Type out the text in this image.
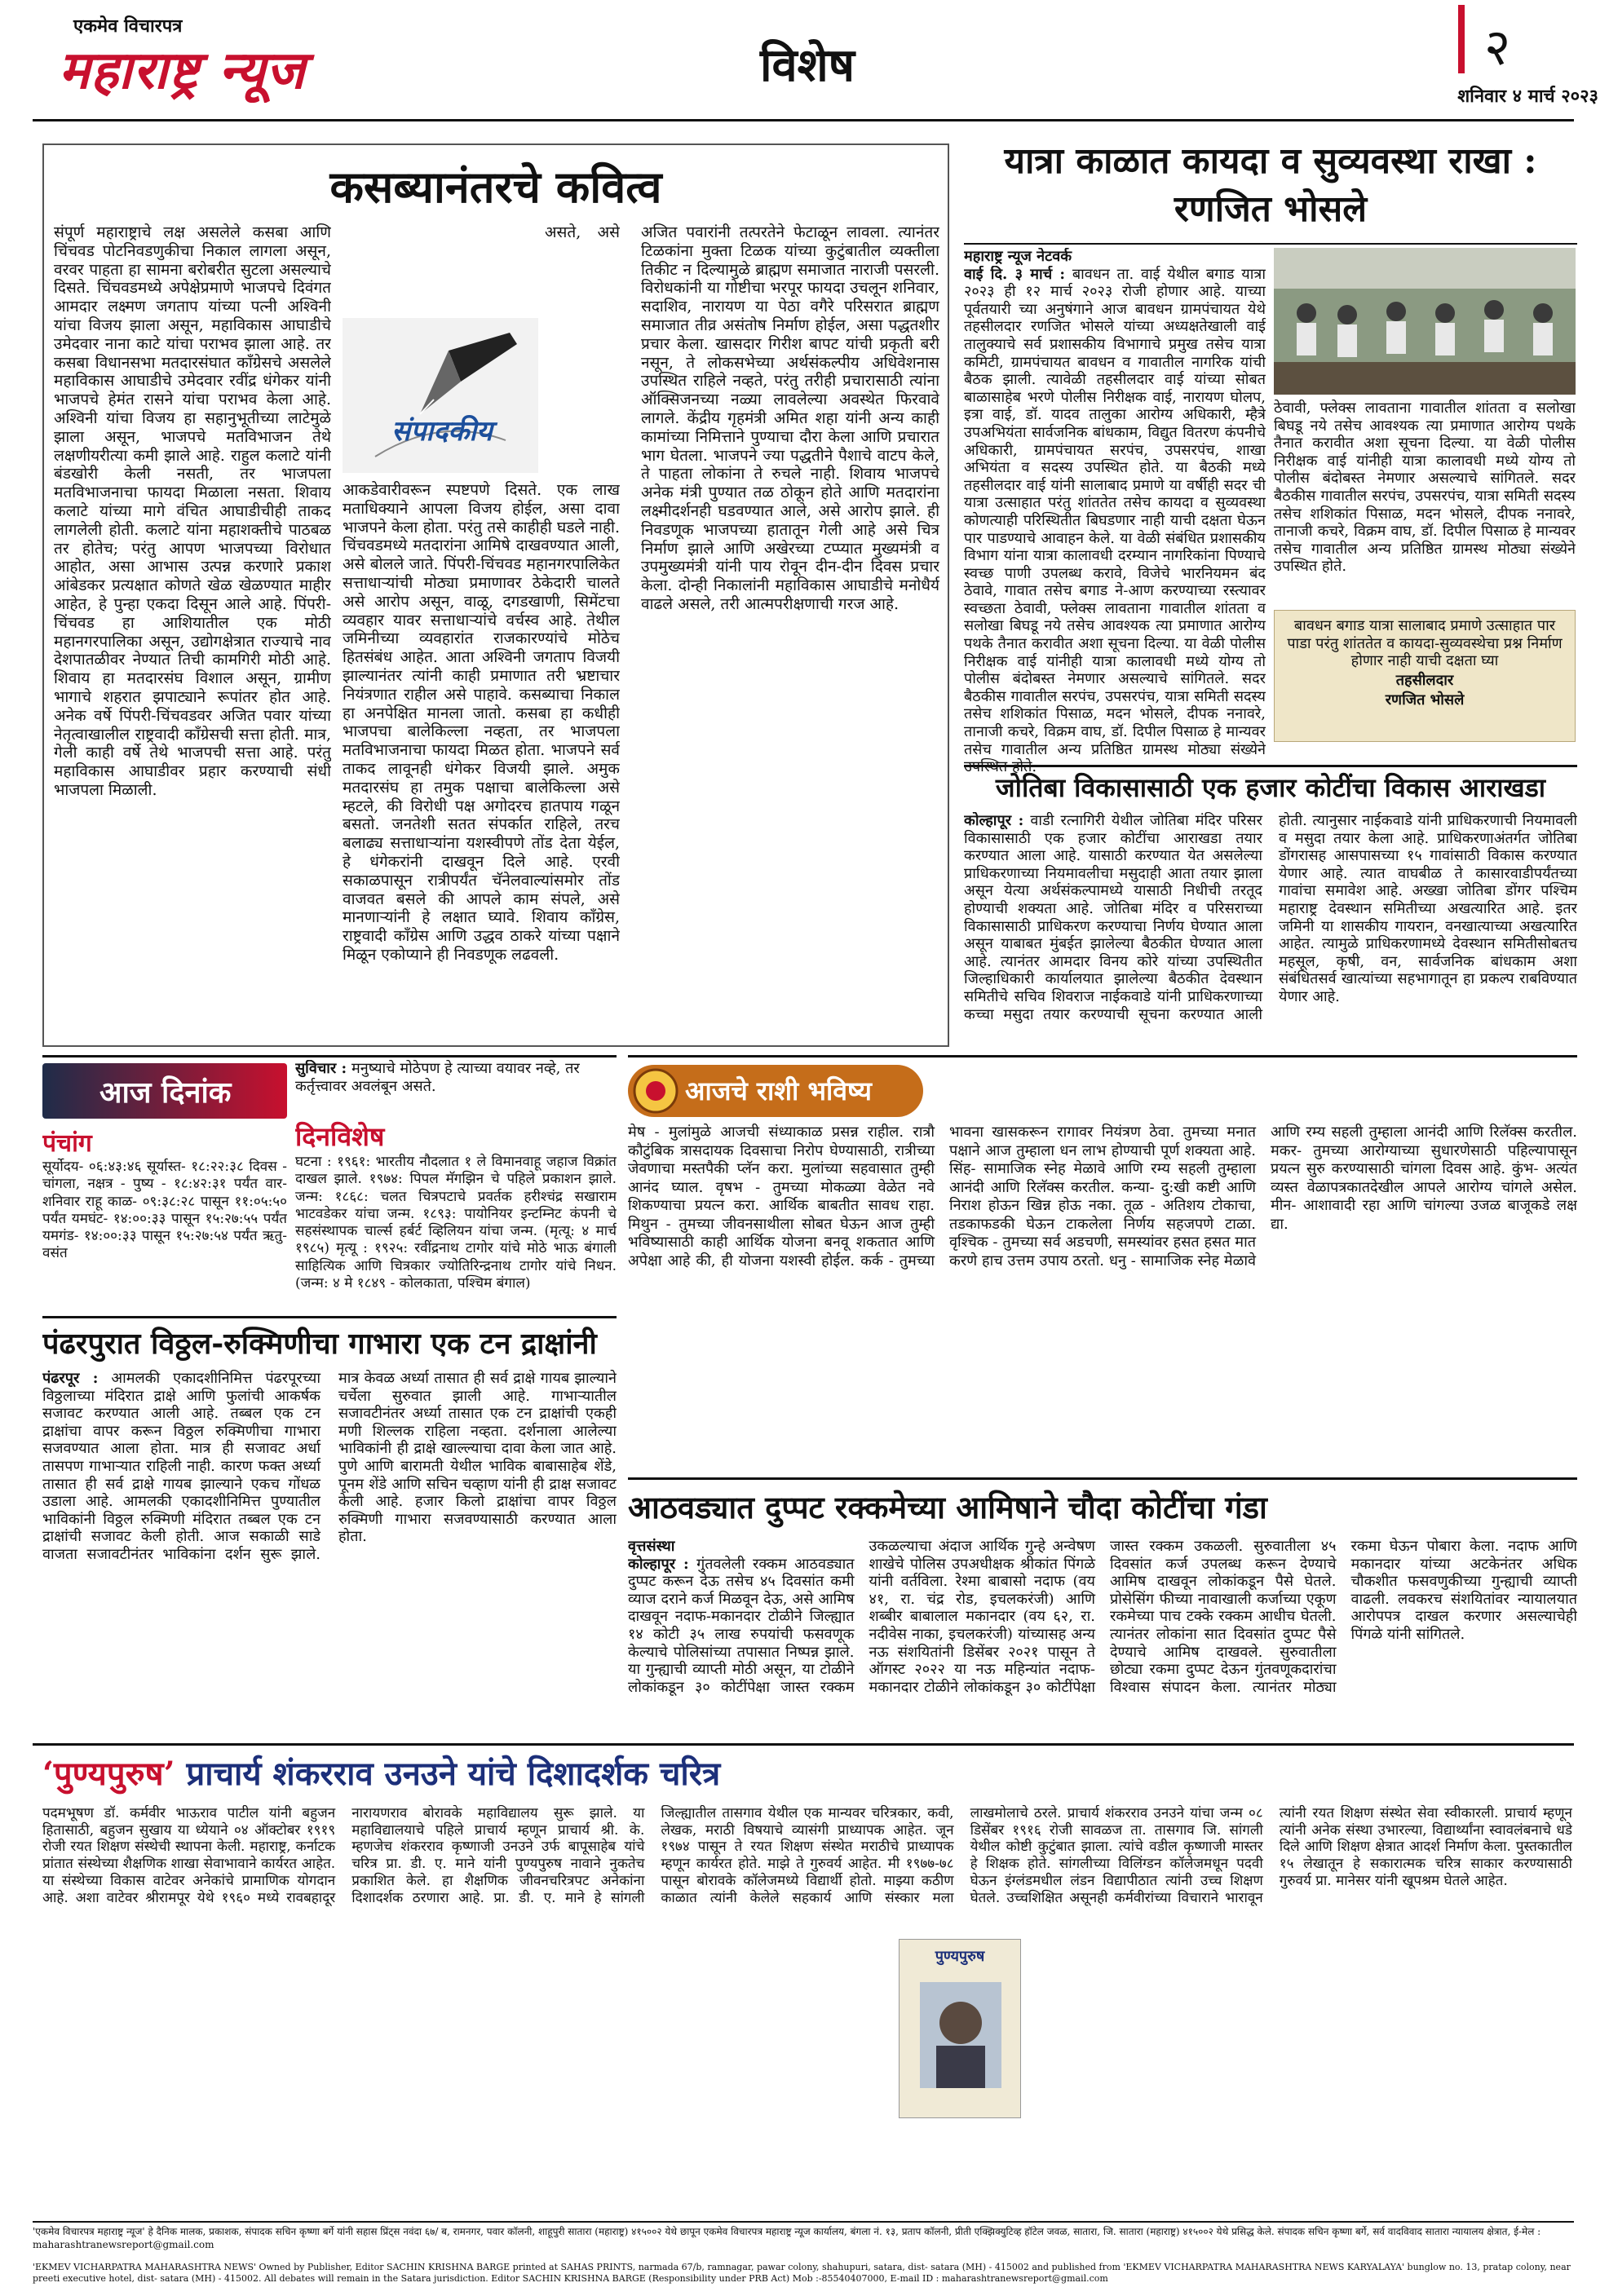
एकमेव विचारपत्र
महाराष्ट्र न्यूज	विशेष	२
शनिवार ४ मार्च २०२३
कसब्यानंतरचे कवित्व
संपूर्ण महाराष्ट्राचे लक्ष असलेले कसबा आणि चिंचवड पोटनिवडणुकीचा निकाल लागला असून, वरवर पाहता हा सामना बरोबरीत सुटला असल्याचे दिसते. चिंचवडमध्ये अपेक्षेप्रमाणे भाजपचे दिवंगत आमदार लक्ष्मण जगताप यांच्या पत्नी अश्विनी यांचा विजय झाला असून, महाविकास आघाडीचे उमेदवार नाना काटे यांचा पराभव झाला आहे. तर कसबा विधानसभा मतदारसंघात काँग्रेसचे असलेले महाविकास आघाडीचे उमेदवार रवींद्र धंगेकर यांनी भाजपचे हेमंत रासने यांचा पराभव केला आहे. अश्विनी यांचा विजय हा सहानुभूतीच्या लाटेमुळे झाला असून, भाजपचे मतविभाजन तेथे लक्षणीयरीत्या कमी झाले आहे. राहुल कलाटे यांनी बंडखोरी केली नसती, तर भाजपला मतविभाजनाचा फायदा मिळाला नसता. शिवाय कलाटे यांच्या मागे वंचित आघाडीचीही ताकद लागलेली होती. कलाटे यांना महाशक्तीचे पाठबळ तर होतेच; परंतु आपण भाजपच्या विरोधात आहोत, असा आभास उत्पन्न करणारे प्रकाश आंबेडकर प्रत्यक्षात कोणते खेळ खेळण्यात माहीर आहेत, हे पुन्हा एकदा दिसून आले आहे. पिंपरी-चिंचवड हा आशियातील एक मोठी महानगरपालिका असून, उद्योगक्षेत्रात राज्याचे नाव देशपातळीवर नेण्यात तिची कामगिरी मोठी आहे. शिवाय हा मतदारसंघ विशाल असून, ग्रामीण भागाचे शहरात झपाट्याने रूपांतर होत आहे. अनेक वर्षे पिंपरी-चिंचवडवर अजित पवार यांच्या नेतृत्वाखालील राष्ट्रवादी काँग्रेसची सत्ता होती. मात्र, गेली काही वर्षे तेथे भाजपची सत्ता आहे. परंतु महाविकास आघाडीवर प्रहार करण्याची संधी भाजपला मिळाली.
संपादकीय
असते, असे आकडेवारीवरून स्पष्टपणे दिसते. एक लाख मताधिक्याने आपला विजय होईल, असा दावा भाजपने केला होता. परंतु तसे काहीही घडले नाही. चिंचवडमध्ये मतदारांना आमिषे दाखवण्यात आली, असे बोलले जाते. पिंपरी-चिंचवड महानगरपालिकेत सत्ताधाऱ्यांची मोठ्या प्रमाणावर ठेकेदारी चालते असे आरोप असून, वाळू, दगडखाणी, सिमेंटचा व्यवहार यावर सत्ताधाऱ्यांचे वर्चस्व आहे. तेथील जमिनीच्या व्यवहारांत राजकारण्यांचे मोठेच हितसंबंध आहेत. आता अश्विनी जगताप विजयी झाल्यानंतर त्यांनी काही प्रमाणात तरी भ्रष्टाचार नियंत्रणात राहील असे पाहावे. कसब्याचा निकाल हा अनपेक्षित मानला जातो. कसबा हा कधीही भाजपचा बालेकिल्ला नव्हता, तर भाजपला मतविभाजनाचा फायदा मिळत होता. भाजपने सर्व ताकद लावूनही धंगेकर विजयी झाले. अमुक मतदारसंघ हा तमुक पक्षाचा बालेकिल्ला असे म्हटले, की विरोधी पक्ष अगोदरच हातपाय गळून बसतो. जनतेशी सतत संपर्कात राहिले, तरच बलाढ्य सत्ताधाऱ्यांना यशस्वीपणे तोंड देता येईल, हे धंगेकरांनी दाखवून दिले आहे. एरवी सकाळपासून रात्रीपर्यंत चॅनेलवाल्यांसमोर तोंड वाजवत बसले की आपले काम संपले, असे मानणाऱ्यांनी हे लक्षात घ्यावे. शिवाय काँग्रेस, राष्ट्रवादी काँग्रेस आणि उद्धव ठाकरे यांच्या पक्षाने मिळून एकोप्याने ही निवडणूक लढवली.
अजित पवारांनी तत्परतेने फेटाळून लावला. त्यानंतर टिळकांना मुक्ता टिळक यांच्या कुटुंबातील व्यक्तीला तिकीट न दिल्यामुळे ब्राह्मण समाजात नाराजी पसरली. विरोधकांनी या गोष्टीचा भरपूर फायदा उचलून शनिवार, सदाशिव, नारायण या पेठा वगैरे परिसरात ब्राह्मण समाजात तीव्र असंतोष निर्माण होईल, असा पद्धतशीर प्रचार केला. खासदार गिरीश बापट यांची प्रकृती बरी नसून, ते लोकसभेच्या अर्थसंकल्पीय अधिवेशनास उपस्थित राहिले नव्हते, परंतु तरीही प्रचारासाठी त्यांना ऑक्सिजनच्या नळ्या लावलेल्या अवस्थेत फिरवावे लागले. केंद्रीय गृहमंत्री अमित शहा यांनी अन्य काही कामांच्या निमित्ताने पुण्याचा दौरा केला आणि प्रचारात भाग घेतला. भाजपने ज्या पद्धतीने पैशाचे वाटप केले, ते पाहता लोकांना ते रुचले नाही. शिवाय भाजपचे अनेक मंत्री पुण्यात तळ ठोकून होते आणि मतदारांना लक्ष्मीदर्शनही घडवण्यात आले, असे आरोप झाले. ही निवडणूक भाजपच्या हातातून गेली आहे असे चित्र निर्माण झाले आणि अखेरच्या टप्प्यात मुख्यमंत्री व उपमुख्यमंत्री यांनी पाय रोवून दीन-दीन दिवस प्रचार केला. दोन्ही निकालांनी महाविकास आघाडीचे मनोधैर्य वाढले असले, तरी आत्मपरीक्षणाची गरज आहे.
यात्रा काळात कायदा व सुव्यवस्था राखा : रणजित भोसले
महाराष्ट्र न्यूज नेटवर्क
वाई दि. ३ मार्च : बावधन ता. वाई येथील बगाड यात्रा २०२३ ही १२ मार्च २०२३ रोजी होणार आहे. याच्या पूर्वतयारी च्या अनुषंगाने आज बावधन ग्रामपंचायत येथे तहसीलदार रणजित भोसले यांच्या अध्यक्षतेखाली वाई तालुक्याचे सर्व प्रशासकीय विभागाचे प्रमुख तसेच यात्रा कमिटी, ग्रामपंचायत बावधन व गावातील नागरिक यांची बैठक झाली. त्यावेळी तहसीलदार वाई यांच्या सोबत बाळासाहेब भरणे पोलीस निरीक्षक वाई, नारायण घोलप, इत्रा वाई, डॉ. यादव तालुका आरोग्य अधिकारी, म्हैत्रे उपअभियंता सार्वजनिक बांधकाम, विद्युत वितरण कंपनीचे अधिकारी, ग्रामपंचायत सरपंच, उपसरपंच, शाखा अभियंता व सदस्य उपस्थित होते. या बैठकी मध्ये तहसीलदार वाई यांनी सालाबाद प्रमाणे या वर्षीही सदर ची यात्रा उत्साहात परंतु शांततेत तसेच कायदा व सुव्यवस्था कोणत्याही परिस्थितीत बिघडणार नाही याची दक्षता घेऊन पार पाडण्याचे आवाहन केले. या वेळी संबंधित प्रशासकीय विभाग यांना यात्रा कालावधी दरम्यान नागरिकांना पिण्याचे स्वच्छ पाणी उपलब्ध करावे, विजेचे भारनियमन बंद ठेवावे, गावात तसेच बगाड ने-आण करण्याच्या रस्त्यावर स्वच्छता ठेवावी, फ्लेक्स लावताना गावातील शांतता व सलोखा बिघडू नये तसेच आवश्यक त्या प्रमाणात आरोग्य पथके तैनात करावीत अशा सूचना दिल्या. या वेळी पोलीस निरीक्षक वाई यांनीही यात्रा कालावधी मध्ये योग्य तो पोलीस बंदोबस्त नेमणार असल्याचे सांगितले. सदर बैठकीस गावातील सरपंच, उपसरपंच, यात्रा समिती सदस्य तसेच शशिकांत पिसाळ, मदन भोसले, दीपक ननावरे, तानाजी कचरे, विक्रम वाघ, डॉ. दिपील पिसाळ हे मान्यवर तसेच गावातील अन्य प्रतिष्ठित ग्रामस्थ मोठ्या संख्येने
ठेवावी, फ्लेक्स लावताना गावातील शांतता व सलोखा बिघडू नये तसेच आवश्यक त्या प्रमाणात आरोग्य पथके तैनात करावीत अशा सूचना दिल्या. या वेळी पोलीस निरीक्षक वाई यांनीही यात्रा कालावधी मध्ये योग्य तो पोलीस बंदोबस्त नेमणार असल्याचे सांगितले. सदर बैठकीस गावातील सरपंच, उपसरपंच, यात्रा समिती सदस्य तसेच शशिकांत पिसाळ, मदन भोसले, दीपक ननावरे, तानाजी कचरे, विक्रम वाघ, डॉ. दिपील पिसाळ हे मान्यवर तसेच गावातील अन्य प्रतिष्ठित ग्रामस्थ मोठ्या संख्येने उपस्थित होते.
बावधन बगाड यात्रा सालाबाद प्रमाणे उत्साहात पार पाडा परंतु शांततेत व कायदा-सुव्यवस्थेचा प्रश्न निर्माण होणार नाही याची दक्षता घ्या
तहसीलदार
रणजित भोसले
जोतिबा विकासासाठी एक हजार कोटींचा विकास आराखडा
कोल्हापूर : वाडी रत्नागिरी येथील जोतिबा मंदिर परिसर विकासासाठी एक हजार कोटींचा आराखडा तयार करण्यात आला आहे. यासाठी करण्यात येत असलेल्या प्राधिकरणाच्या नियमावलीचा मसुदाही आता तयार झाला असून येत्या अर्थसंकल्पामध्ये यासाठी निधीची तरतूद होण्याची शक्यता आहे. जोतिबा मंदिर व परिसराच्या विकासासाठी प्राधिकरण करण्याचा निर्णय घेण्यात आला असून याबाबत मुंबईत झालेल्या बैठकीत घेण्यात आला आहे. त्यानंतर आमदार विनय कोरे यांच्या उपस्थितीत जिल्हाधिकारी कार्यालयात झालेल्या बैठकीत देवस्थान समितीचे सचिव शिवराज नाईकवाडे यांनी प्राधिकरणाच्या कच्चा मसुदा तयार करण्याची सूचना करण्यात आली होती. त्यानुसार नाईकवाडे यांनी प्राधिकरणाची नियमावली व मसुदा तयार केला आहे. प्राधिकरणाअंतर्गत जोतिबा डोंगरासह आसपासच्या १५ गावांसाठी विकास करण्यात येणार आहे. त्यात वाघबीळ ते कासारवाडीपर्यंतच्या गावांचा समावेश आहे. अख्खा जोतिबा डोंगर पश्चिम महाराष्ट्र देवस्थान समितीच्या अखत्यारित आहे. इतर जमिनी या शासकीय गायरान, वनखात्याच्या अखत्यारित आहेत. त्यामुळे प्राधिकरणामध्ये देवस्थान समितीसोबतच महसूल, कृषी, वन, सार्वजनिक बांधकाम अशा संबंधितसर्व खात्यांच्या सहभागातून हा प्रकल्प राबविण्यात येणार आहे.
आज दिनांक
सुविचार : मनुष्याचे मोठेपण हे त्याच्या वयावर नव्हे, तर कर्तृत्त्वावर अवलंबून असते.
पंचांग
सूर्योदय- ०६:४३:४६ सूर्यास्त- १८:२२:३८ दिवस - चांगला, नक्षत्र - पुष्य - १८:४२:३१ पर्यंत वार- शनिवार राहू काळ- ०९:३८:२८ पासून ११:०५:५० पर्यंत यमघंट- १४:००:३३ पासून १५:२७:५५ पर्यंत यमगंड- १४:००:३३ पासून १५:२७:५४ पर्यंत ऋतु- वसंत
दिनविशेष
घटना : १९६१: भारतीय नौदलात १ ले विमानवाहू जहाज विक्रांत दाखल झाले. १९७४: पिपल मॅगझिन चे पहिले प्रकाशन झाले. जन्म: १८६८: चलत चित्रपटाचे प्रवर्तक हरीश्चंद्र सखाराम भाटवडेकर यांचा जन्म. १८९३: पायोनियर इन्टम्निट कंपनी चे सहसंस्थापक चार्ल्स हर्बर्ट व्हिलियन यांचा जन्म. (मृत्यू: ४ मार्च १९८५) मृत्यू : १९२५: रवींद्रनाथ टागोर यांचे मोठे भाऊ बंगाली साहित्यिक आणि चित्रकार ज्योतिरिन्द्रनाथ टागोर यांचे निधन. (जन्म: ४ मे १८४९ - कोलकाता, पश्चिम बंगाल)
आजचे राशी भविष्य
मेष - मुलांमुळे आजची संध्याकाळ प्रसन्न राहील. रात्रौ कौटुंबिक त्रासदायक दिवसाचा निरोप घेण्यासाठी, रात्रीच्या जेवणाचा मस्तपैकी प्लॅन करा. मुलांच्या सहवासात तुम्ही आनंद घ्याल. वृषभ - तुमच्या मोकळ्या वेळेत नवे शिकण्याचा प्रयत्न करा. आर्थिक बाबतीत सावध राहा. मिथुन - तुमच्या जीवनसाथीला सोबत घेऊन आज तुम्ही भविष्यासाठी काही आर्थिक योजना बनवू शकतात आणि अपेक्षा आहे की, ही योजना यशस्वी होईल. कर्क - तुमच्या भावना खासकरून रागावर नियंत्रण ठेवा. तुमच्या मनात पक्षाने आज तुम्हाला धन लाभ होण्याची पूर्ण शक्यता आहे. सिंह- सामाजिक स्नेह मेळावे आणि रम्य सहली तुम्हाला आनंदी आणि रिलॅक्स करतील. कन्या- दु:खी कष्टी आणि निराश होऊन खिन्न होऊ नका. तूळ - अतिशय टोकाचा, तडकाफडकी घेऊन टाकलेला निर्णय सहजपणे टाळा. वृश्चिक - तुमच्या सर्व अडचणी, समस्यांवर हसत हसत मात करणे हाच उत्तम उपाय ठरतो. धनु - सामाजिक स्नेह मेळावे आणि रम्य सहली तुम्हाला आनंदी आणि रिलॅक्स करतील. मकर- तुमच्या आरोग्याच्या सुधारणेसाठी पहिल्यापासून प्रयत्न सुरु करण्यासाठी चांगला दिवस आहे. कुंभ- अत्यंत व्यस्त वेळापत्रकातदेखील आपले आरोग्य चांगले असेल. मीन- आशावादी रहा आणि चांगल्या उजळ बाजूकडे लक्ष द्या.
पंढरपुरात विठ्ठल-रुक्मिणीचा गाभारा एक टन द्राक्षांनी
पंढरपूर : आमलकी एकादशीनिमित्त पंढरपूरच्या विठ्ठलाच्या मंदिरात द्राक्षे आणि फुलांची आकर्षक सजावट करण्यात आली आहे. तब्बल एक टन द्राक्षांचा वापर करून विठ्ठल रुक्मिणीचा गाभारा सजवण्यात आला होता. मात्र ही सजावट अर्धा तासपण गाभाऱ्यात राहिली नाही. कारण फक्त अर्ध्या तासात ही सर्व द्राक्षे गायब झाल्याने एकच गोंधळ उडाला आहे. आमलकी एकादशीनिमित्त पुण्यातील भाविकांनी विठ्ठल रुक्मिणी मंदिरात तब्बल एक टन द्राक्षांची सजावट केली होती. आज सकाळी साडे वाजता सजावटीनंतर भाविकांना दर्शन सुरू झाले. मात्र केवळ अर्ध्या तासात ही सर्व द्राक्षे गायब झाल्याने चर्चेला सुरुवात झाली आहे. गाभाऱ्यातील सजावटीनंतर अर्ध्या तासात एक टन द्राक्षांची एकही मणी शिल्लक राहिला नव्हता. दर्शनाला आलेल्या भाविकांनी ही द्राक्षे खाल्ल्याचा दावा केला जात आहे. पुणे आणि बारामती येथील भाविक बाबासाहेब शेंडे, पूनम शेंडे आणि सचिन चव्हाण यांनी ही द्राक्ष सजावट केली आहे. हजार किलो द्राक्षांचा वापर विठ्ठल रुक्मिणी गाभारा सजवण्यासाठी करण्यात आला होता.
आठवड्यात दुप्पट रक्कमेच्या आमिषाने चौदा कोटींचा गंडा
वृत्तसंस्था
कोल्हापूर : गुंतवलेली रक्कम आठवड्यात दुप्पट करून देऊ तसेच ४५ दिवसांत कमी व्याज दराने कर्ज मिळवून देऊ, असे आमिष दाखवून नदाफ-मकानदार टोळीने जिल्ह्यात १४ कोटी ३५ लाख रुपयांची फसवणूक केल्याचे पोलिसांच्या तपासात निष्पन्न झाले. या गुन्ह्याची व्याप्ती मोठी असून, या टोळीने लोकांकडून ३० कोटींपेक्षा जास्त रक्कम उकळल्याचा अंदाज आर्थिक गुन्हे अन्वेषण शाखेचे पोलिस उपअधीक्षक श्रीकांत पिंगळे यांनी वर्तविला. रेश्मा बाबासो नदाफ (वय ४१, रा. चंद्र रोड, इचलकरंजी) आणि शब्बीर बाबालाल मकानदार (वय ६२, रा. नदीवेस नाका, इचलकरंजी) यांच्यासह अन्य नऊ संशयितांनी डिसेंबर २०२१ पासून ते ऑगस्ट २०२२ या नऊ महिन्यांत नदाफ-मकानदार टोळीने लोकांकडून ३० कोटींपेक्षा जास्त रक्कम उकळली. सुरुवातीला ४५ दिवसांत कर्ज उपलब्ध करून देण्याचे आमिष दाखवून लोकांकडून पैसे घेतले. प्रोसेसिंग फीच्या नावाखाली कर्जाच्या एकूण रकमेच्या पाच टक्के रक्कम आधीच घेतली. त्यानंतर लोकांना सात दिवसांत दुप्पट पैसे देण्याचे आमिष दाखवले. सुरुवातीला छोट्या रकमा दुप्पट देऊन गुंतवणूकदारांचा विश्वास संपादन केला. त्यानंतर मोठ्या रकमा घेऊन पोबारा केला. नदाफ आणि मकानदार यांच्या अटकेनंतर अधिक चौकशीत फसवणुकीच्या गुन्ह्याची व्याप्ती वाढली. लवकरच संशयितांवर न्यायालयात आरोपपत्र दाखल करणार असल्याचेही पिंगळे यांनी सांगितले.
‘पुण्यपुरुष’ प्राचार्य शंकरराव उनउने यांचे दिशादर्शक चरित्र
पदमभूषण डॉ. कर्मवीर भाऊराव पाटील यांनी बहुजन हितासाठी, बहुजन सुखाय या ध्येयाने ०४ ऑक्टोबर १९१९ रोजी रयत शिक्षण संस्थेची स्थापना केली. महाराष्ट्र, कर्नाटक प्रांतात संस्थेच्या शैक्षणिक शाखा सेवाभावाने कार्यरत आहेत. या संस्थेच्या विकास वाटेवर अनेकांचे प्रामाणिक योगदान आहे. अशा वाटेवर श्रीरामपूर येथे १९६० मध्ये रावबहादूर नारायणराव बोरावके महाविद्यालय सुरू झाले. या महाविद्यालयाचे पहिले प्राचार्य म्हणून प्राचार्य श्री. के. म्हणजेच शंकरराव कृष्णाजी उनउने उर्फ बापूसाहेब यांचे चरित्र प्रा. डी. ए. माने यांनी पुण्यपुरुष नावाने नुकतेच प्रकाशित केले. हा शैक्षणिक जीवनचरित्रपट अनेकांना दिशादर्शक ठरणारा आहे. प्रा. डी. ए. माने हे सांगली जिल्ह्यातील तासगाव येथील एक मान्यवर चरित्रकार, कवी, लेखक, मराठी विषयाचे व्यासंगी प्राध्यापक आहेत. जून १९७४ पासून ते रयत शिक्षण संस्थेत मराठीचे प्राध्यापक म्हणून कार्यरत होते. माझे ते गुरुवर्य आहेत. मी १९७७-७८ पासून बोरावके कॉलेजमध्ये विद्यार्थी होतो. माझ्या कठीण काळात त्यांनी केलेले सहकार्य आणि संस्कार मला लाखमोलाचे ठरले. प्राचार्य शंकरराव उनउने यांचा जन्म ०८ डिसेंबर १९१६ रोजी सावळज ता. तासगाव जि. सांगली येथील कोष्टी कुटुंबात झाला. त्यांचे वडील कृष्णाजी मास्तर हे शिक्षक होते. सांगलीच्या विलिंग्डन कॉलेजमधून पदवी घेऊन इंग्लंडमधील लंडन विद्यापीठात त्यांनी उच्च शिक्षण घेतले. उच्चशिक्षित असूनही कर्मवीरांच्या विचाराने भारावून त्यांनी रयत शिक्षण संस्थेत सेवा स्वीकारली. प्राचार्य म्हणून त्यांनी अनेक संस्था उभारल्या, विद्यार्थ्यांना स्वावलंबनाचे धडे दिले आणि शिक्षण क्षेत्रात आदर्श निर्माण केला. पुस्तकातील १५ लेखातून हे सकारात्मक चरित्र साकार करण्यासाठी गुरुवर्य प्रा. मानेसर यांनी खूपश्रम घेतले आहेत.
पुण्यपुरुष
'एकमेव विचारपत्र महाराष्ट्र न्यूज' हे दैनिक मालक, प्रकाशक, संपादक सचिन कृष्णा बर्गे यांनी सहास प्रिंट्स नवंदा ६७/ ब, रामनगर, पवार कॉलनी, शाहूपुरी सातारा (महाराष्ट्र) ४१५००२ येथे छापून एकमेव विचारपत्र महाराष्ट्र न्यूज कार्यालय, बंगला नं. १३, प्रताप कॉलनी, प्रीती एक्झिक्युटिव्ह हॉटेल जवळ, सातारा, जि. सातारा (महाराष्ट्र) ४१५००२ येथे प्रसिद्ध केले. संपादक सचिन कृष्णा बर्गे, सर्व वादविवाद सातारा न्यायालय क्षेत्रात, ई-मेल : maharashtranewsreport@gmail.com
'EKMEV VICHARPATRA MAHARASHTRA NEWS' Owned by Publisher, Editor SACHIN KRISHNA BARGE printed at SAHAS PRINTS, narmada 67/b, ramnagar, pawar colony, shahupuri, satara, dist- satara (MH) - 415002 and published from 'EKMEV VICHARPATRA MAHARASHTRA NEWS KARYALAYA' bunglow no. 13, pratap colony, near preeti executive hotel, dist- satara (MH) - 415002. All debates will remain in the Satara jurisdiction. Editor SACHIN KRISHNA BARGE (Responsibility under PRB Act) Mob :-85540407000, E-mail ID : maharashtranewsreport@gmail.com
